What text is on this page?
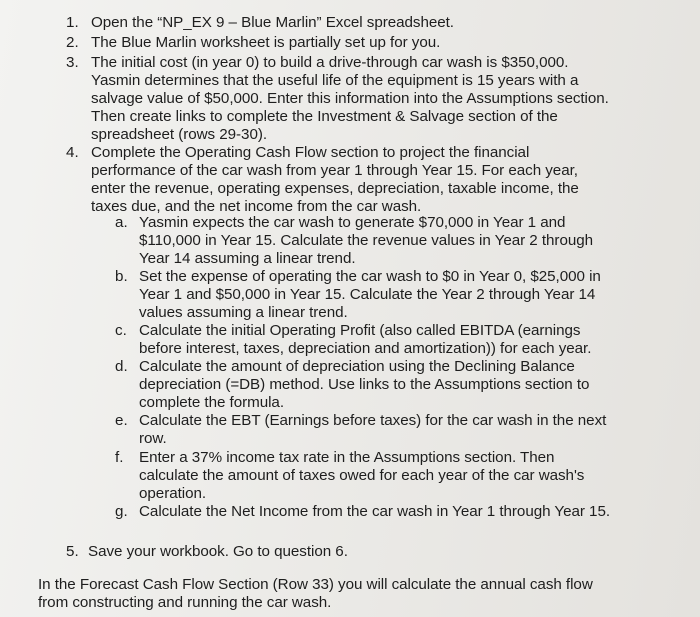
1. Open the “NP_EX 9 – Blue Marlin” Excel spreadsheet.
2. The Blue Marlin worksheet is partially set up for you.
3. The initial cost (in year 0) to build a drive-through car wash is $350,000.
Yasmin determines that the useful life of the equipment is 15 years with a
salvage value of $50,000. Enter this information into the Assumptions section.
Then create links to complete the Investment & Salvage section of the
spreadsheet (rows 29-30).
4. Complete the Operating Cash Flow section to project the financial
performance of the car wash from year 1 through Year 15. For each year,
enter the revenue, operating expenses, depreciation, taxable income, the
taxes due, and the net income from the car wash.
a. Yasmin expects the car wash to generate $70,000 in Year 1 and
$110,000 in Year 15. Calculate the revenue values in Year 2 through
Year 14 assuming a linear trend.
b. Set the expense of operating the car wash to $0 in Year 0, $25,000 in
Year 1 and $50,000 in Year 15. Calculate the Year 2 through Year 14
values assuming a linear trend.
c. Calculate the initial Operating Profit (also called EBITDA (earnings
before interest, taxes, depreciation and amortization)) for each year.
d. Calculate the amount of depreciation using the Declining Balance
depreciation (=DB) method. Use links to the Assumptions section to
complete the formula.
e. Calculate the EBT (Earnings before taxes) for the car wash in the next
row.
f. Enter a 37% income tax rate in the Assumptions section. Then
calculate the amount of taxes owed for each year of the car wash's
operation.
g. Calculate the Net Income from the car wash in Year 1 through Year 15.
5. Save your workbook. Go to question 6.
In the Forecast Cash Flow Section (Row 33) you will calculate the annual cash flow
from constructing and running the car wash.
